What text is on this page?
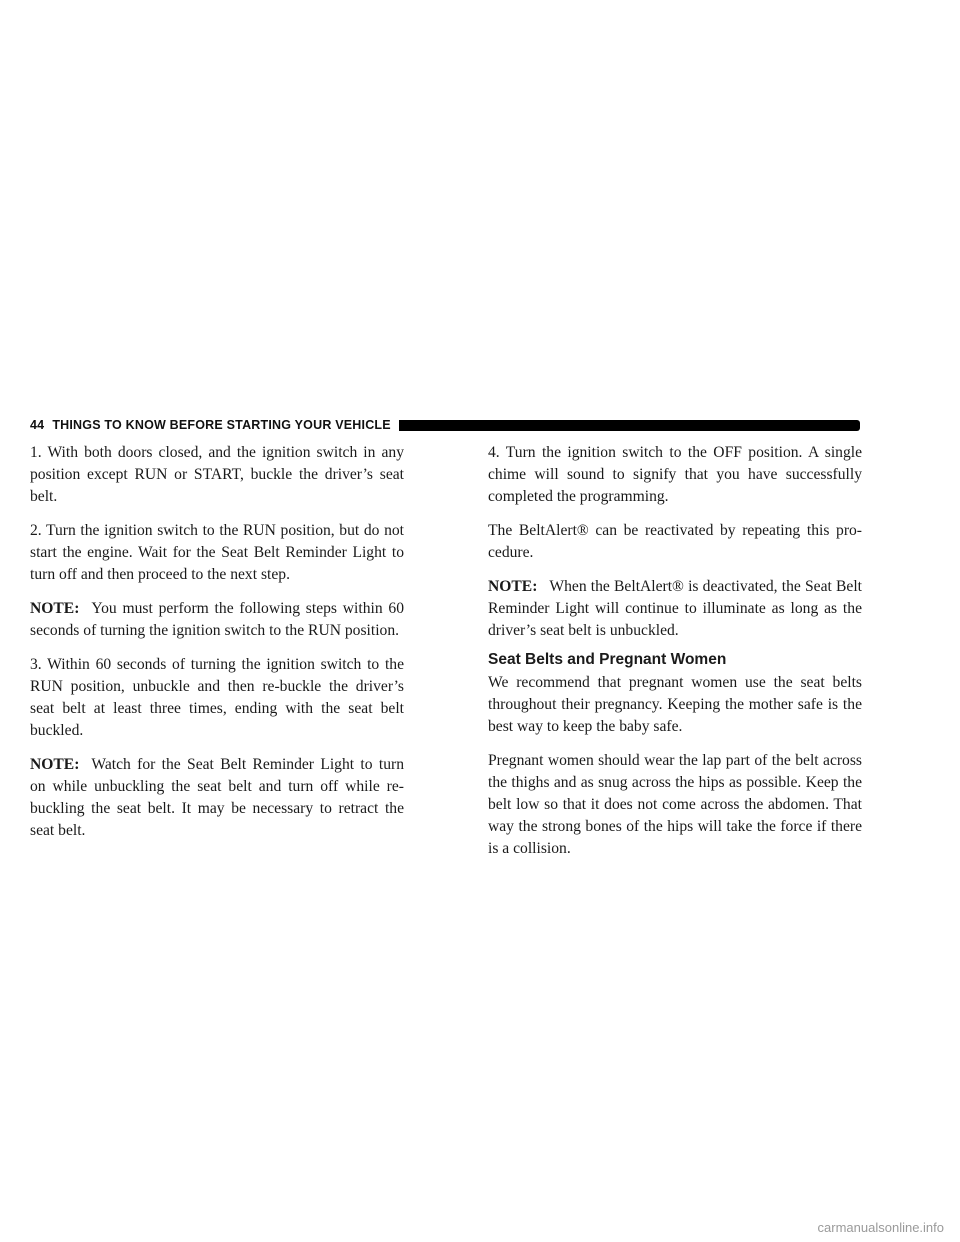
44 THINGS TO KNOW BEFORE STARTING YOUR VEHICLE

1. With both doors closed, and the ignition switch in any position except RUN or START, buckle the driver’s seat belt.

2. Turn the ignition switch to the RUN position, but do not start the engine. Wait for the Seat Belt Reminder Light to turn off and then proceed to the next step.

NOTE: You must perform the following steps within 60 seconds of turning the ignition switch to the RUN position.

3. Within 60 seconds of turning the ignition switch to the RUN position, unbuckle and then re-buckle the driver’s seat belt at least three times, ending with the seat belt buckled.

NOTE: Watch for the Seat Belt Reminder Light to turn on while unbuckling the seat belt and turn off while re-buckling the seat belt. It may be necessary to retract the seat belt.

4. Turn the ignition switch to the OFF position. A single chime will sound to signify that you have successfully completed the programming.

The BeltAlert® can be reactivated by repeating this pro-cedure.

NOTE: When the BeltAlert® is deactivated, the Seat Belt Reminder Light will continue to illuminate as long as the driver’s seat belt is unbuckled.

Seat Belts and Pregnant Women

We recommend that pregnant women use the seat belts throughout their pregnancy. Keeping the mother safe is the best way to keep the baby safe.

Pregnant women should wear the lap part of the belt across the thighs and as snug across the hips as possible. Keep the belt low so that it does not come across the abdomen. That way the strong bones of the hips will take the force if there is a collision.

carmanualsonline.info
